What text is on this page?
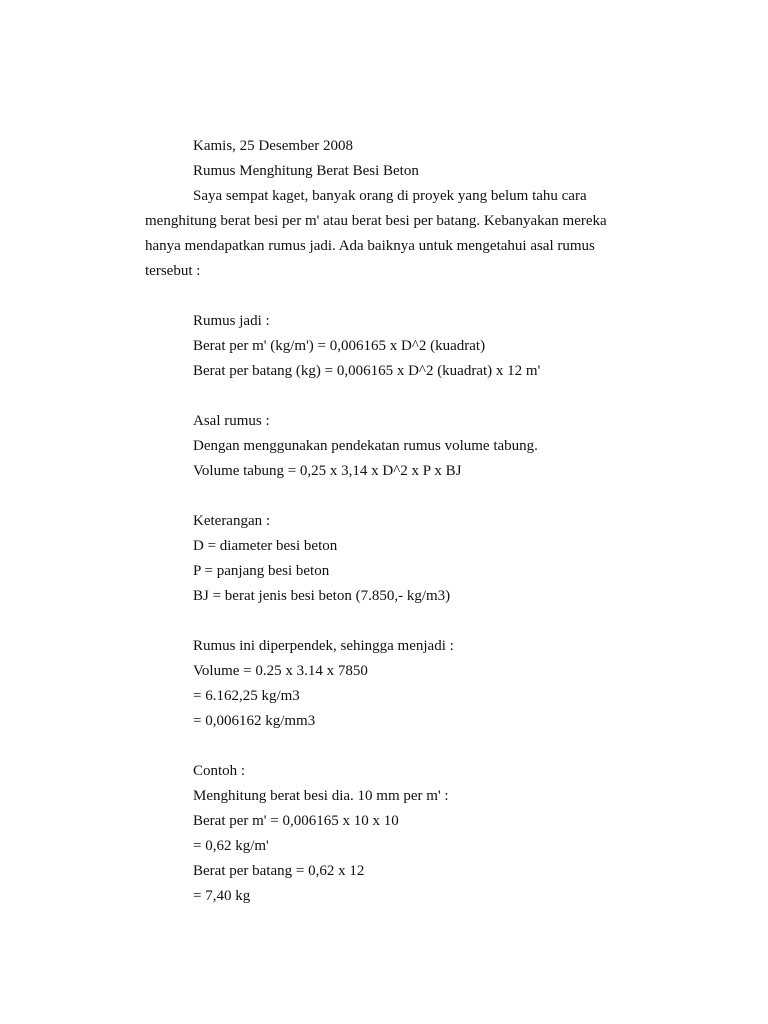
Kamis, 25 Desember 2008
Rumus Menghitung Berat Besi Beton
Saya sempat kaget, banyak orang di proyek yang belum tahu cara
menghitung berat besi per m' atau berat besi per batang. Kebanyakan mereka
hanya mendapatkan rumus jadi. Ada baiknya untuk mengetahui asal rumus
tersebut :
Rumus jadi :
Berat per m' (kg/m') = 0,006165 x D^2 (kuadrat)
Berat per batang (kg) = 0,006165 x D^2 (kuadrat) x 12 m'
Asal rumus :
Dengan menggunakan pendekatan rumus volume tabung.
Volume tabung = 0,25 x 3,14 x D^2 x P x BJ
Keterangan :
D = diameter besi beton
P = panjang besi beton
BJ = berat jenis besi beton (7.850,- kg/m3)
Rumus ini diperpendek, sehingga menjadi :
Volume = 0.25 x 3.14 x 7850
= 6.162,25 kg/m3
= 0,006162 kg/mm3
Contoh :
Menghitung berat besi dia. 10 mm per m' :
Berat per m' = 0,006165 x 10 x 10
= 0,62 kg/m'
Berat per batang = 0,62 x 12
= 7,40 kg
